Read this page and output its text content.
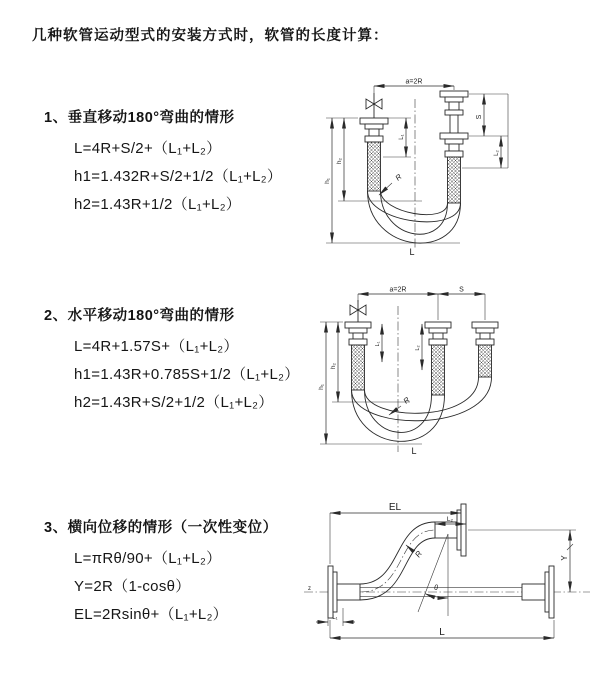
几种软管运动型式的安装方式时，软管的长度计算：
1、垂直移动180°弯曲的情形
L=4R+S/2+（L₁+L₂）
h1=1.432R+S/2+1/2（L₁+L₂）
h2=1.43R+1/2（L₁+L₂）
a=2R
h₁
h₂
L₁
S
L₂
R
L
2、水平移动180°弯曲的情形
L=4R+1.57S+（L₁+L₂）
h1=1.43R+0.785S+1/2（L₁+L₂）
h2=1.43R+S/2+1/2（L₁+L₂）
a=2R	S
h₁
h₂
L₁
L₂
R
L
3、横向位移的情形（一次性变位）
L=πRθ/90+（L₁+L₂）
Y=2R（1-cosθ）
EL=2Rsinθ+（L₁+L₂）
z
EL
L₂
Y
θ
R
L
L₁
